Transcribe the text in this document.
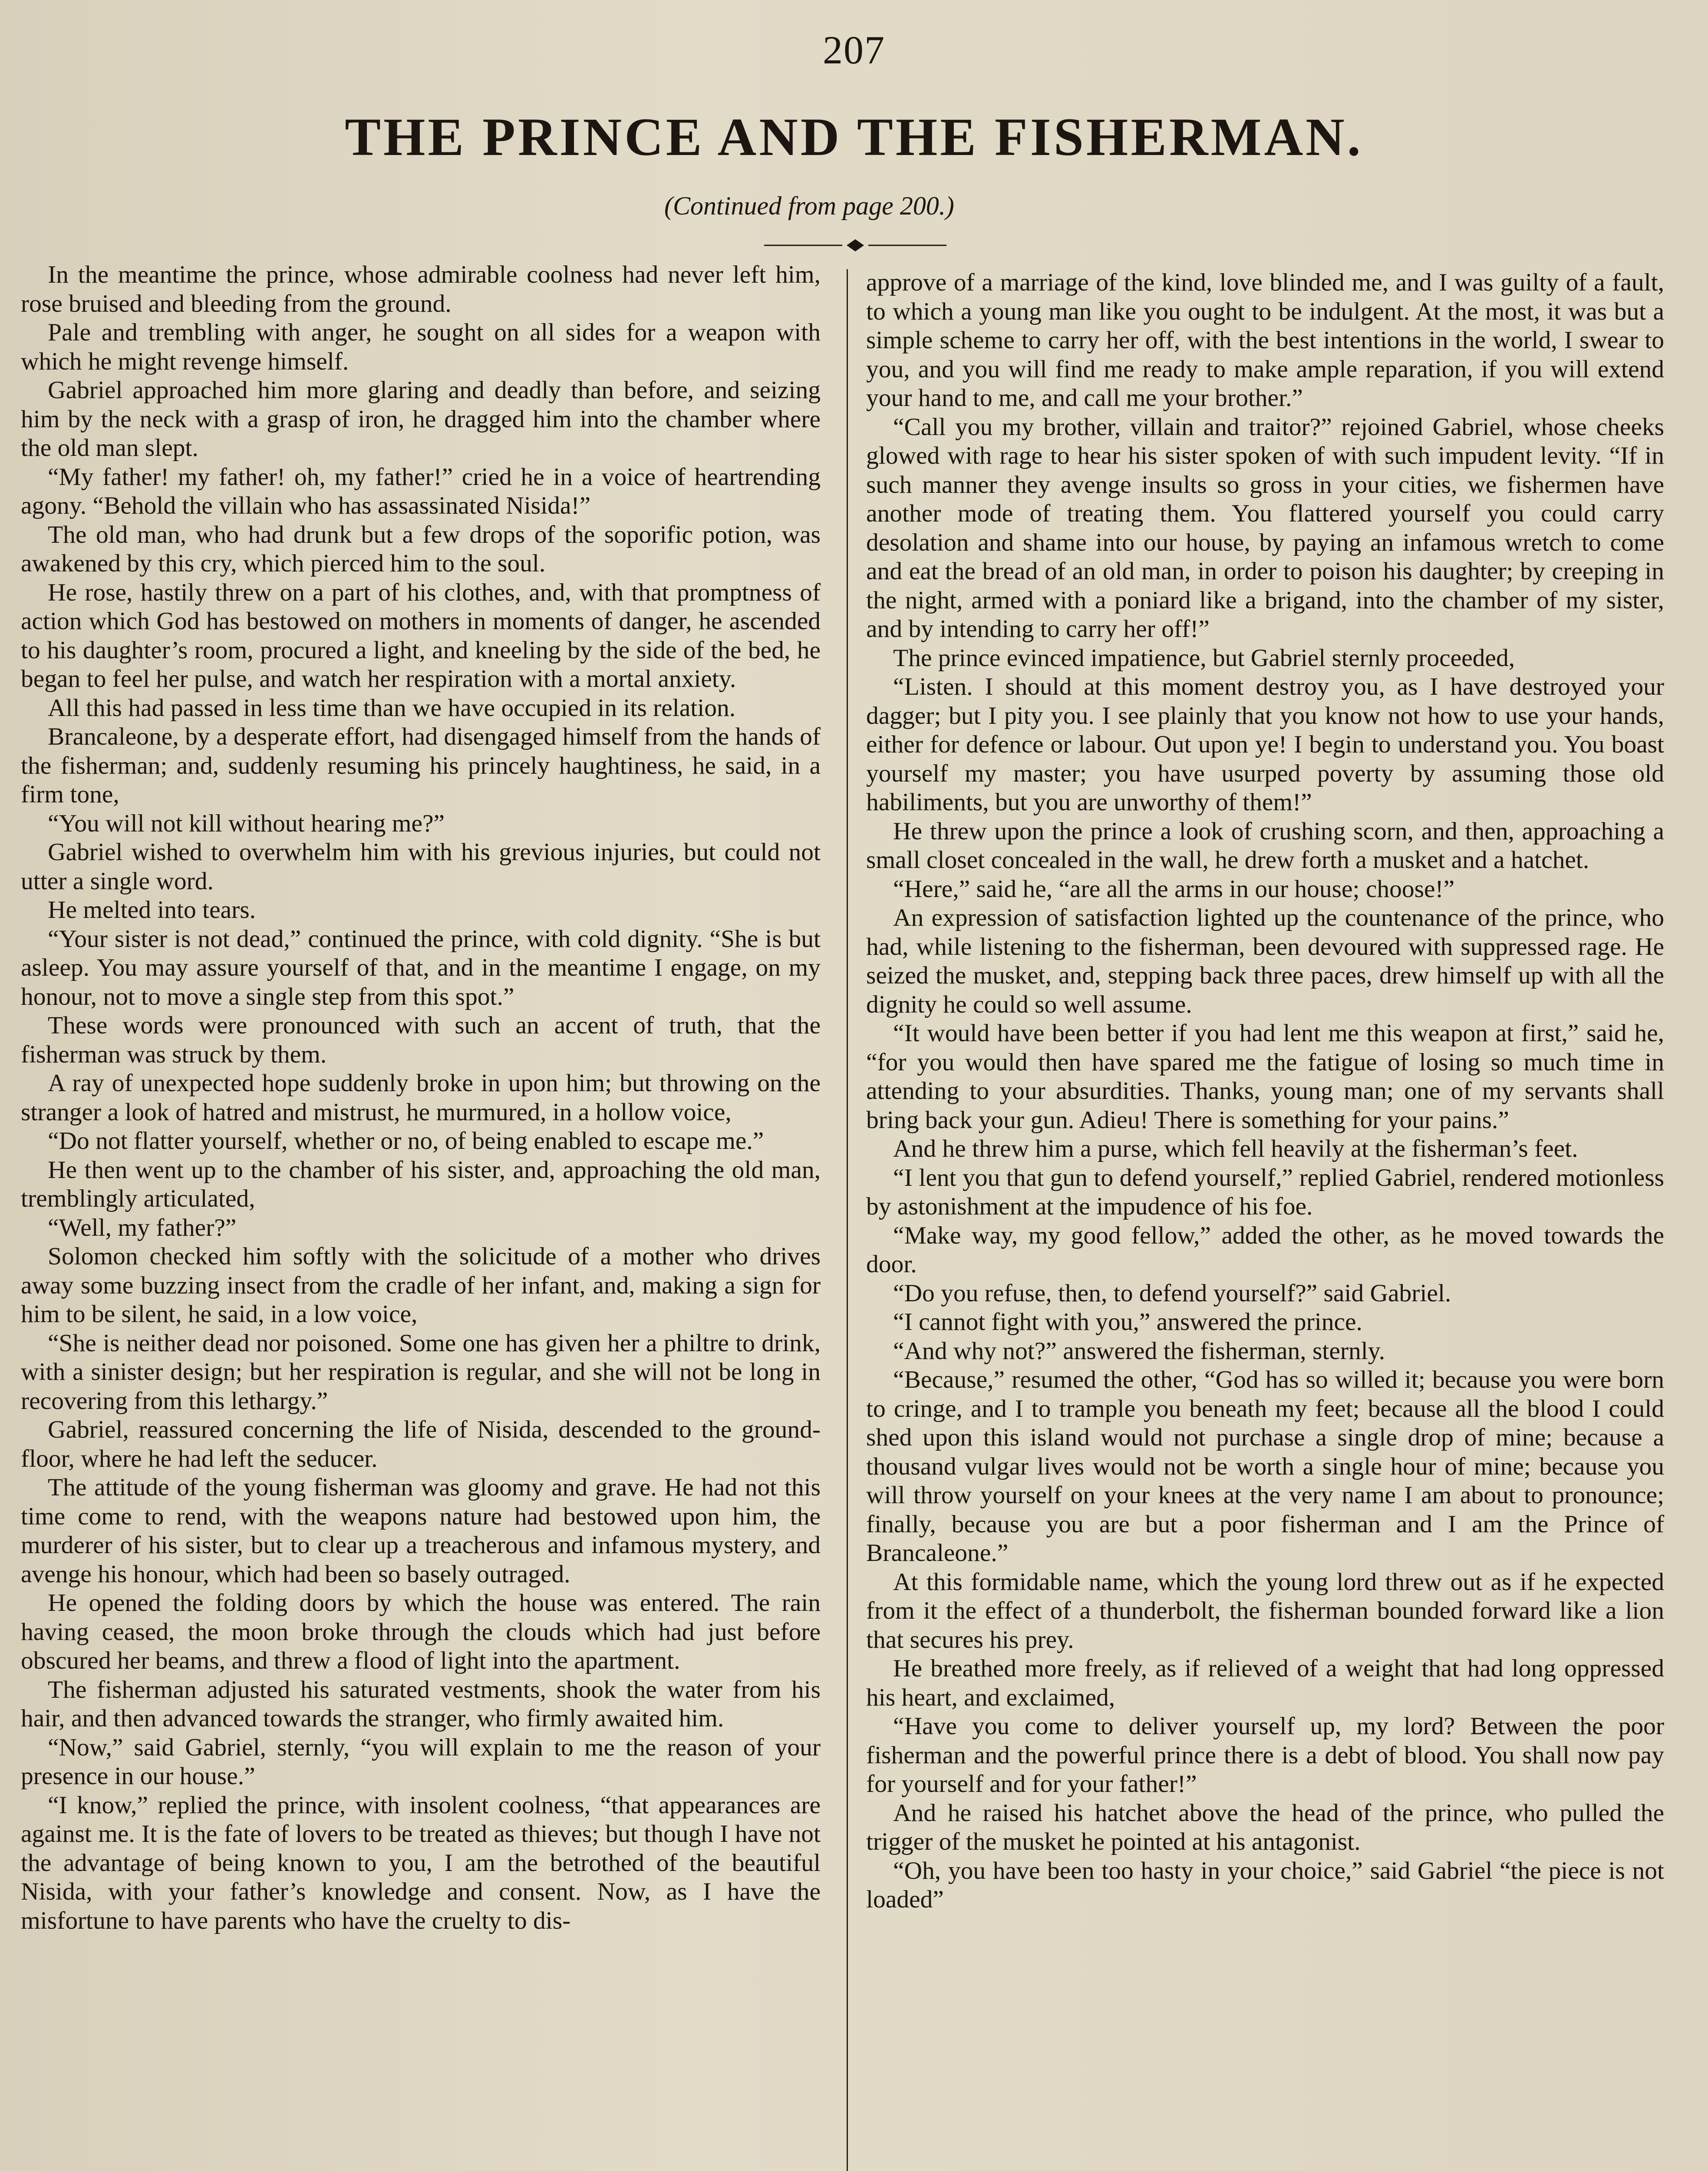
207
THE PRINCE AND THE FISHERMAN.
(Continued from page 200.)

In the meantime the prince, whose admirable coolness had never left him, rose bruised and bleeding from the ground.

Pale and trembling with anger, he sought on all sides for a weapon with which he might revenge himself.

Gabriel approached him more glaring and deadly than before, and seizing him by the neck with a grasp of iron, he dragged him into the chamber where the old man slept.

“My father! my father! oh, my father!” cried he in a voice of heartrending agony. “Behold the villain who has assassinated Nisida!”

The old man, who had drunk but a few drops of the soporific potion, was awakened by this cry, which pierced him to the soul.

He rose, hastily threw on a part of his clothes, and, with that promptness of action which God has bestowed on mothers in moments of danger, he ascended to his daughter’s room, procured a light, and kneeling by the side of the bed, he began to feel her pulse, and watch her respiration with a mortal anxiety.

All this had passed in less time than we have occupied in its relation.

Brancaleone, by a desperate effort, had disengaged himself from the hands of the fisherman; and, suddenly resuming his princely haughtiness, he said, in a firm tone,

“You will not kill without hearing me?”

Gabriel wished to overwhelm him with his grevious injuries, but could not utter a single word.

He melted into tears.

“Your sister is not dead,” continued the prince, with cold dignity. “She is but asleep. You may assure yourself of that, and in the meantime I engage, on my honour, not to move a single step from this spot.”

These words were pronounced with such an accent of truth, that the fisherman was struck by them.

A ray of unexpected hope suddenly broke in upon him; but throwing on the stranger a look of hatred and mistrust, he murmured, in a hollow voice,

“Do not flatter yourself, whether or no, of being enabled to escape me.”

He then went up to the chamber of his sister, and, approaching the old man, tremblingly articulated,

“Well, my father?”

Solomon checked him softly with the solicitude of a mother who drives away some buzzing insect from the cradle of her infant, and, making a sign for him to be silent, he said, in a low voice,

“She is neither dead nor poisoned. Some one has given her a philtre to drink, with a sinister design; but her respiration is regular, and she will not be long in recovering from this lethargy.”

Gabriel, reassured concerning the life of Nisida, descended to the ground-floor, where he had left the seducer.

The attitude of the young fisherman was gloomy and grave. He had not this time come to rend, with the weapons nature had bestowed upon him, the murderer of his sister, but to clear up a treacherous and infamous mystery, and avenge his honour, which had been so basely outraged.

He opened the folding doors by which the house was entered. The rain having ceased, the moon broke through the clouds which had just before obscured her beams, and threw a flood of light into the apartment.

The fisherman adjusted his saturated vestments, shook the water from his hair, and then advanced towards the stranger, who firmly awaited him.

“Now,” said Gabriel, sternly, “you will explain to me the reason of your presence in our house.”

“I know,” replied the prince, with insolent coolness, “that appearances are against me. It is the fate of lovers to be treated as thieves; but though I have not the advantage of being known to you, I am the betrothed of the beautiful Nisida, with your father’s knowledge and consent. Now, as I have the misfortune to have parents who have the cruelty to dis-

approve of a marriage of the kind, love blinded me, and I was guilty of a fault, to which a young man like you ought to be indulgent. At the most, it was but a simple scheme to carry her off, with the best intentions in the world, I swear to you, and you will find me ready to make ample reparation, if you will extend your hand to me, and call me your brother.”

“Call you my brother, villain and traitor?” rejoined Gabriel, whose cheeks glowed with rage to hear his sister spoken of with such impudent levity. “If in such manner they avenge insults so gross in your cities, we fishermen have another mode of treating them. You flattered yourself you could carry desolation and shame into our house, by paying an infamous wretch to come and eat the bread of an old man, in order to poison his daughter; by creeping in the night, armed with a poniard like a brigand, into the chamber of my sister, and by intending to carry her off!”

The prince evinced impatience, but Gabriel sternly proceeded,

“Listen. I should at this moment destroy you, as I have destroyed your dagger; but I pity you. I see plainly that you know not how to use your hands, either for defence or labour. Out upon ye! I begin to understand you. You boast yourself my master; you have usurped poverty by assuming those old habiliments, but you are unworthy of them!”

He threw upon the prince a look of crushing scorn, and then, approaching a small closet concealed in the wall, he drew forth a musket and a hatchet.

“Here,” said he, “are all the arms in our house; choose!”

An expression of satisfaction lighted up the countenance of the prince, who had, while listening to the fisherman, been devoured with suppressed rage. He seized the musket, and, stepping back three paces, drew himself up with all the dignity he could so well assume.

“It would have been better if you had lent me this weapon at first,” said he, “for you would then have spared me the fatigue of losing so much time in attending to your absurdities. Thanks, young man; one of my servants shall bring back your gun. Adieu! There is something for your pains.”

And he threw him a purse, which fell heavily at the fisherman’s feet.

“I lent you that gun to defend yourself,” replied Gabriel, rendered motionless by astonishment at the impudence of his foe.

“Make way, my good fellow,” added the other, as he moved towards the door.

“Do you refuse, then, to defend yourself?” said Gabriel.

“I cannot fight with you,” answered the prince.

“And why not?” answered the fisherman, sternly.

“Because,” resumed the other, “God has so willed it; because you were born to cringe, and I to trample you beneath my feet; because all the blood I could shed upon this island would not purchase a single drop of mine; because a thousand vulgar lives would not be worth a single hour of mine; because you will throw yourself on your knees at the very name I am about to pronounce; finally, because you are but a poor fisherman and I am the Prince of Brancaleone.”

At this formidable name, which the young lord threw out as if he expected from it the effect of a thunderbolt, the fisherman bounded forward like a lion that secures his prey.

He breathed more freely, as if relieved of a weight that had long oppressed his heart, and exclaimed,

“Have you come to deliver yourself up, my lord? Between the poor fisherman and the powerful prince there is a debt of blood. You shall now pay for yourself and for your father!”

And he raised his hatchet above the head of the prince, who pulled the trigger of the musket he pointed at his antagonist.

“Oh, you have been too hasty in your choice,” said Gabriel “the piece is not loaded”
